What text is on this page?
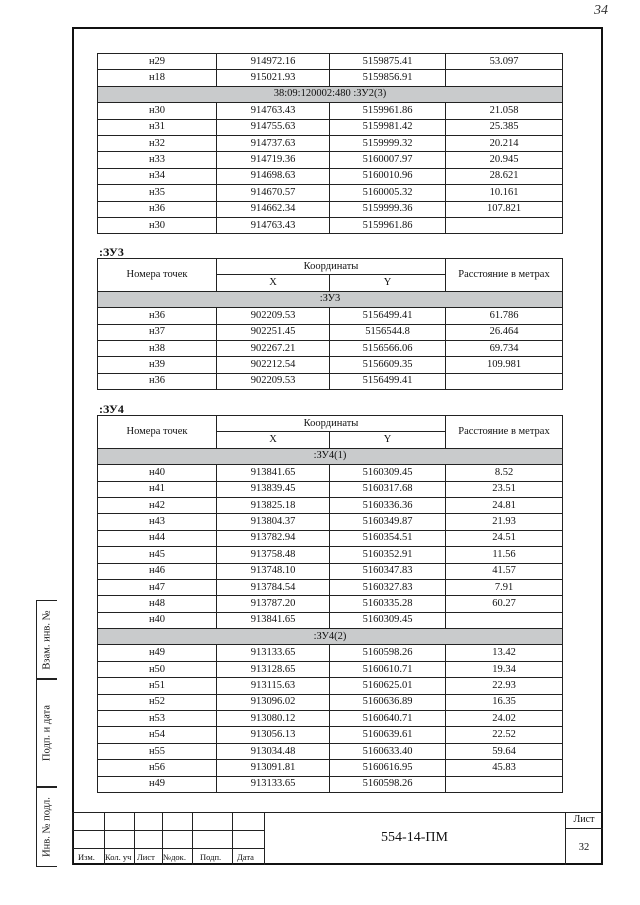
34
Взам. инв. №
Подп. и дата
Инв. № подл.
н29	914972.16	5159875.41	53.097
н18	915021.93	5159856.91	
38:09:120002:480 :ЗУ2(3)			
н30	914763.43	5159961.86	21.058
н31	914755.63	5159981.42	25.385
н32	914737.63	5159999.32	20.214
н33	914719.36	5160007.97	20.945
н34	914698.63	5160010.96	28.621
н35	914670.57	5160005.32	10.161
н36	914662.34	5159999.36	107.821
н30	914763.43	5159961.86	
:ЗУ3
Номера точек	Координаты		Расстояние в метрах
	X	Y	
:ЗУ3			
н36	902209.53	5156499.41	61.786
н37	902251.45	5156544.8	26.464
н38	902267.21	5156566.06	69.734
н39	902212.54	5156609.35	109.981
н36	902209.53	5156499.41	
:ЗУ4
Номера точек	Координаты		Расстояние в метрах
	X	Y	
:ЗУ4(1)			
н40	913841.65	5160309.45	8.52
н41	913839.45	5160317.68	23.51
н42	913825.18	5160336.36	24.81
н43	913804.37	5160349.87	21.93
н44	913782.94	5160354.51	24.51
н45	913758.48	5160352.91	11.56
н46	913748.10	5160347.83	41.57
н47	913784.54	5160327.83	7.91
н48	913787.20	5160335.28	60.27
н40	913841.65	5160309.45	
:ЗУ4(2)			
н49	913133.65	5160598.26	13.42
н50	913128.65	5160610.71	19.34
н51	913115.63	5160625.01	22.93
н52	913096.02	5160636.89	16.35
н53	913080.12	5160640.71	24.02
н54	913056.13	5160639.61	22.52
н55	913034.48	5160633.40	59.64
н56	913091.81	5160616.95	45.83
н49	913133.65	5160598.26	
Изм. Кол. уч Лист №док. Подп. Дата
554-14-ПМ
Лист
32
